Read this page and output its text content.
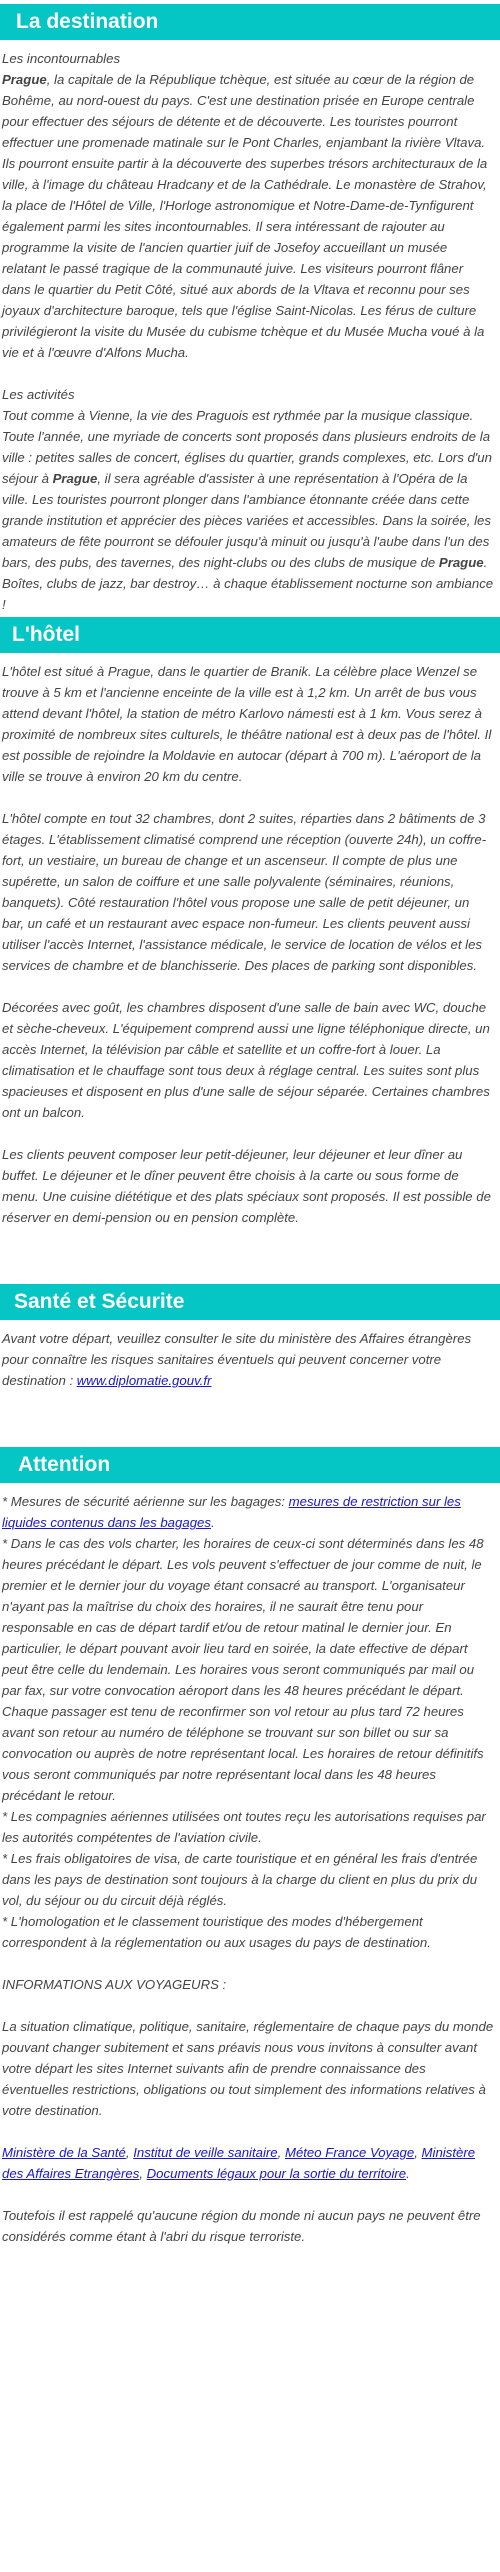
La destination

Les incontournables

Prague, la capitale de la République tchèque, est située au cœur de la région de Bohême, au nord-ouest du pays. C'est une destination prisée en Europe centrale pour effectuer des séjours de détente et de découverte. Les touristes pourront effectuer une promenade matinale sur le Pont Charles, enjambant la rivière Vltava. Ils pourront ensuite partir à la découverte des superbes trésors architecturaux de la ville, à l'image du château Hradcany et de la Cathédrale. Le monastère de Strahov, la place de l'Hôtel de Ville, l'Horloge astronomique et Notre-Dame-de-Tynfigurent également parmi les sites incontournables. Il sera intéressant de rajouter au programme la visite de l'ancien quartier juif de Josefoy accueillant un musée relatant le passé tragique de la communauté juive. Les visiteurs pourront flâner dans le quartier du Petit Côté, situé aux abords de la Vltava et reconnu pour ses joyaux d'architecture baroque, tels que l'église Saint-Nicolas. Les férus de culture privilégieront la visite du Musée du cubisme tchèque et du Musée Mucha voué à la vie et à l'œuvre d'Alfons Mucha.

Les activités

Tout comme à Vienne, la vie des Praguois est rythmée par la musique classique. Toute l'année, une myriade de concerts sont proposés dans plusieurs endroits de la ville : petites salles de concert, églises du quartier, grands complexes, etc. Lors d'un séjour à Prague, il sera agréable d'assister à une représentation à l'Opéra de la ville. Les touristes pourront plonger dans l'ambiance étonnante créée dans cette grande institution et apprécier des pièces variées et accessibles. Dans la soirée, les amateurs de fête pourront se défouler jusqu'à minuit ou jusqu'à l'aube dans l'un des bars, des pubs, des tavernes, des night-clubs ou des clubs de musique de Prague. Boîtes, clubs de jazz, bar destroy… à chaque établissement nocturne son ambiance !

L'hôtel

L'hôtel est situé à Prague, dans le quartier de Branik. La célèbre place Wenzel se trouve à 5 km et l'ancienne enceinte de la ville est à 1,2 km. Un arrêt de bus vous attend devant l'hôtel, la station de métro Karlovo námesti est à 1 km. Vous serez à proximité de nombreux sites culturels, le théâtre national est à deux pas de l'hôtel. Il est possible de rejoindre la Moldavie en autocar (départ à 700 m). L'aéroport de la ville se trouve à environ 20 km du centre.

L'hôtel compte en tout 32 chambres, dont 2 suites, réparties dans 2 bâtiments de 3 étages. L'établissement climatisé comprend une réception (ouverte 24h), un coffre-fort, un vestiaire, un bureau de change et un ascenseur. Il compte de plus une supérette, un salon de coiffure et une salle polyvalente (séminaires, réunions, banquets). Côté restauration l'hôtel vous propose une salle de petit déjeuner, un bar, un café et un restaurant avec espace non-fumeur. Les clients peuvent aussi utiliser l'accès Internet, l'assistance médicale, le service de location de vélos et les services de chambre et de blanchisserie. Des places de parking sont disponibles.

Décorées avec goût, les chambres disposent d'une salle de bain avec WC, douche et sèche-cheveux. L'équipement comprend aussi une ligne téléphonique directe, un accès Internet, la télévision par câble et satellite et un coffre-fort à louer. La climatisation et le chauffage sont tous deux à réglage central. Les suites sont plus spacieuses et disposent en plus d'une salle de séjour séparée. Certaines chambres ont un balcon.

Les clients peuvent composer leur petit-déjeuner, leur déjeuner et leur dîner au buffet. Le déjeuner et le dîner peuvent être choisis à la carte ou sous forme de menu. Une cuisine diététique et des plats spéciaux sont proposés. Il est possible de réserver en demi-pension ou en pension complète.

Santé et Sécurite

Avant votre départ, veuillez consulter le site du ministère des Affaires étrangères pour connaître les risques sanitaires éventuels qui peuvent concerner votre destination : www.diplomatie.gouv.fr

Attention

* Mesures de sécurité aérienne sur les bagages: mesures de restriction sur les liquides contenus dans les bagages.

* Dans le cas des vols charter, les horaires de ceux-ci sont déterminés dans les 48 heures précédant le départ. Les vols peuvent s'effectuer de jour comme de nuit, le premier et le dernier jour du voyage étant consacré au transport. L'organisateur n'ayant pas la maîtrise du choix des horaires, il ne saurait être tenu pour responsable en cas de départ tardif et/ou de retour matinal le dernier jour. En particulier, le départ pouvant avoir lieu tard en soirée, la date effective de départ peut être celle du lendemain. Les horaires vous seront communiqués par mail ou par fax, sur votre convocation aéroport dans les 48 heures précédant le départ. Chaque passager est tenu de reconfirmer son vol retour au plus tard 72 heures avant son retour au numéro de téléphone se trouvant sur son billet ou sur sa convocation ou auprès de notre représentant local. Les horaires de retour définitifs vous seront communiqués par notre représentant local dans les 48 heures précédant le retour.

* Les compagnies aériennes utilisées ont toutes reçu les autorisations requises par les autorités compétentes de l'aviation civile.

* Les frais obligatoires de visa, de carte touristique et en général les frais d'entrée dans les pays de destination sont toujours à la charge du client en plus du prix du vol, du séjour ou du circuit déjà réglés.

* L'homologation et le classement touristique des modes d'hébergement correspondent à la réglementation ou aux usages du pays de destination.

INFORMATIONS AUX VOYAGEURS :

La situation climatique, politique, sanitaire, réglementaire de chaque pays du monde pouvant changer subitement et sans préavis nous vous invitons à consulter avant votre départ les sites Internet suivants afin de prendre connaissance des éventuelles restrictions, obligations ou tout simplement des informations relatives à votre destination.

Ministère de la Santé, Institut de veille sanitaire, Méteo France Voyage, Ministère des Affaires Etrangères, Documents légaux pour la sortie du territoire.

Toutefois il est rappelé qu'aucune région du monde ni aucun pays ne peuvent être considérés comme étant à l'abri du risque terroriste.
